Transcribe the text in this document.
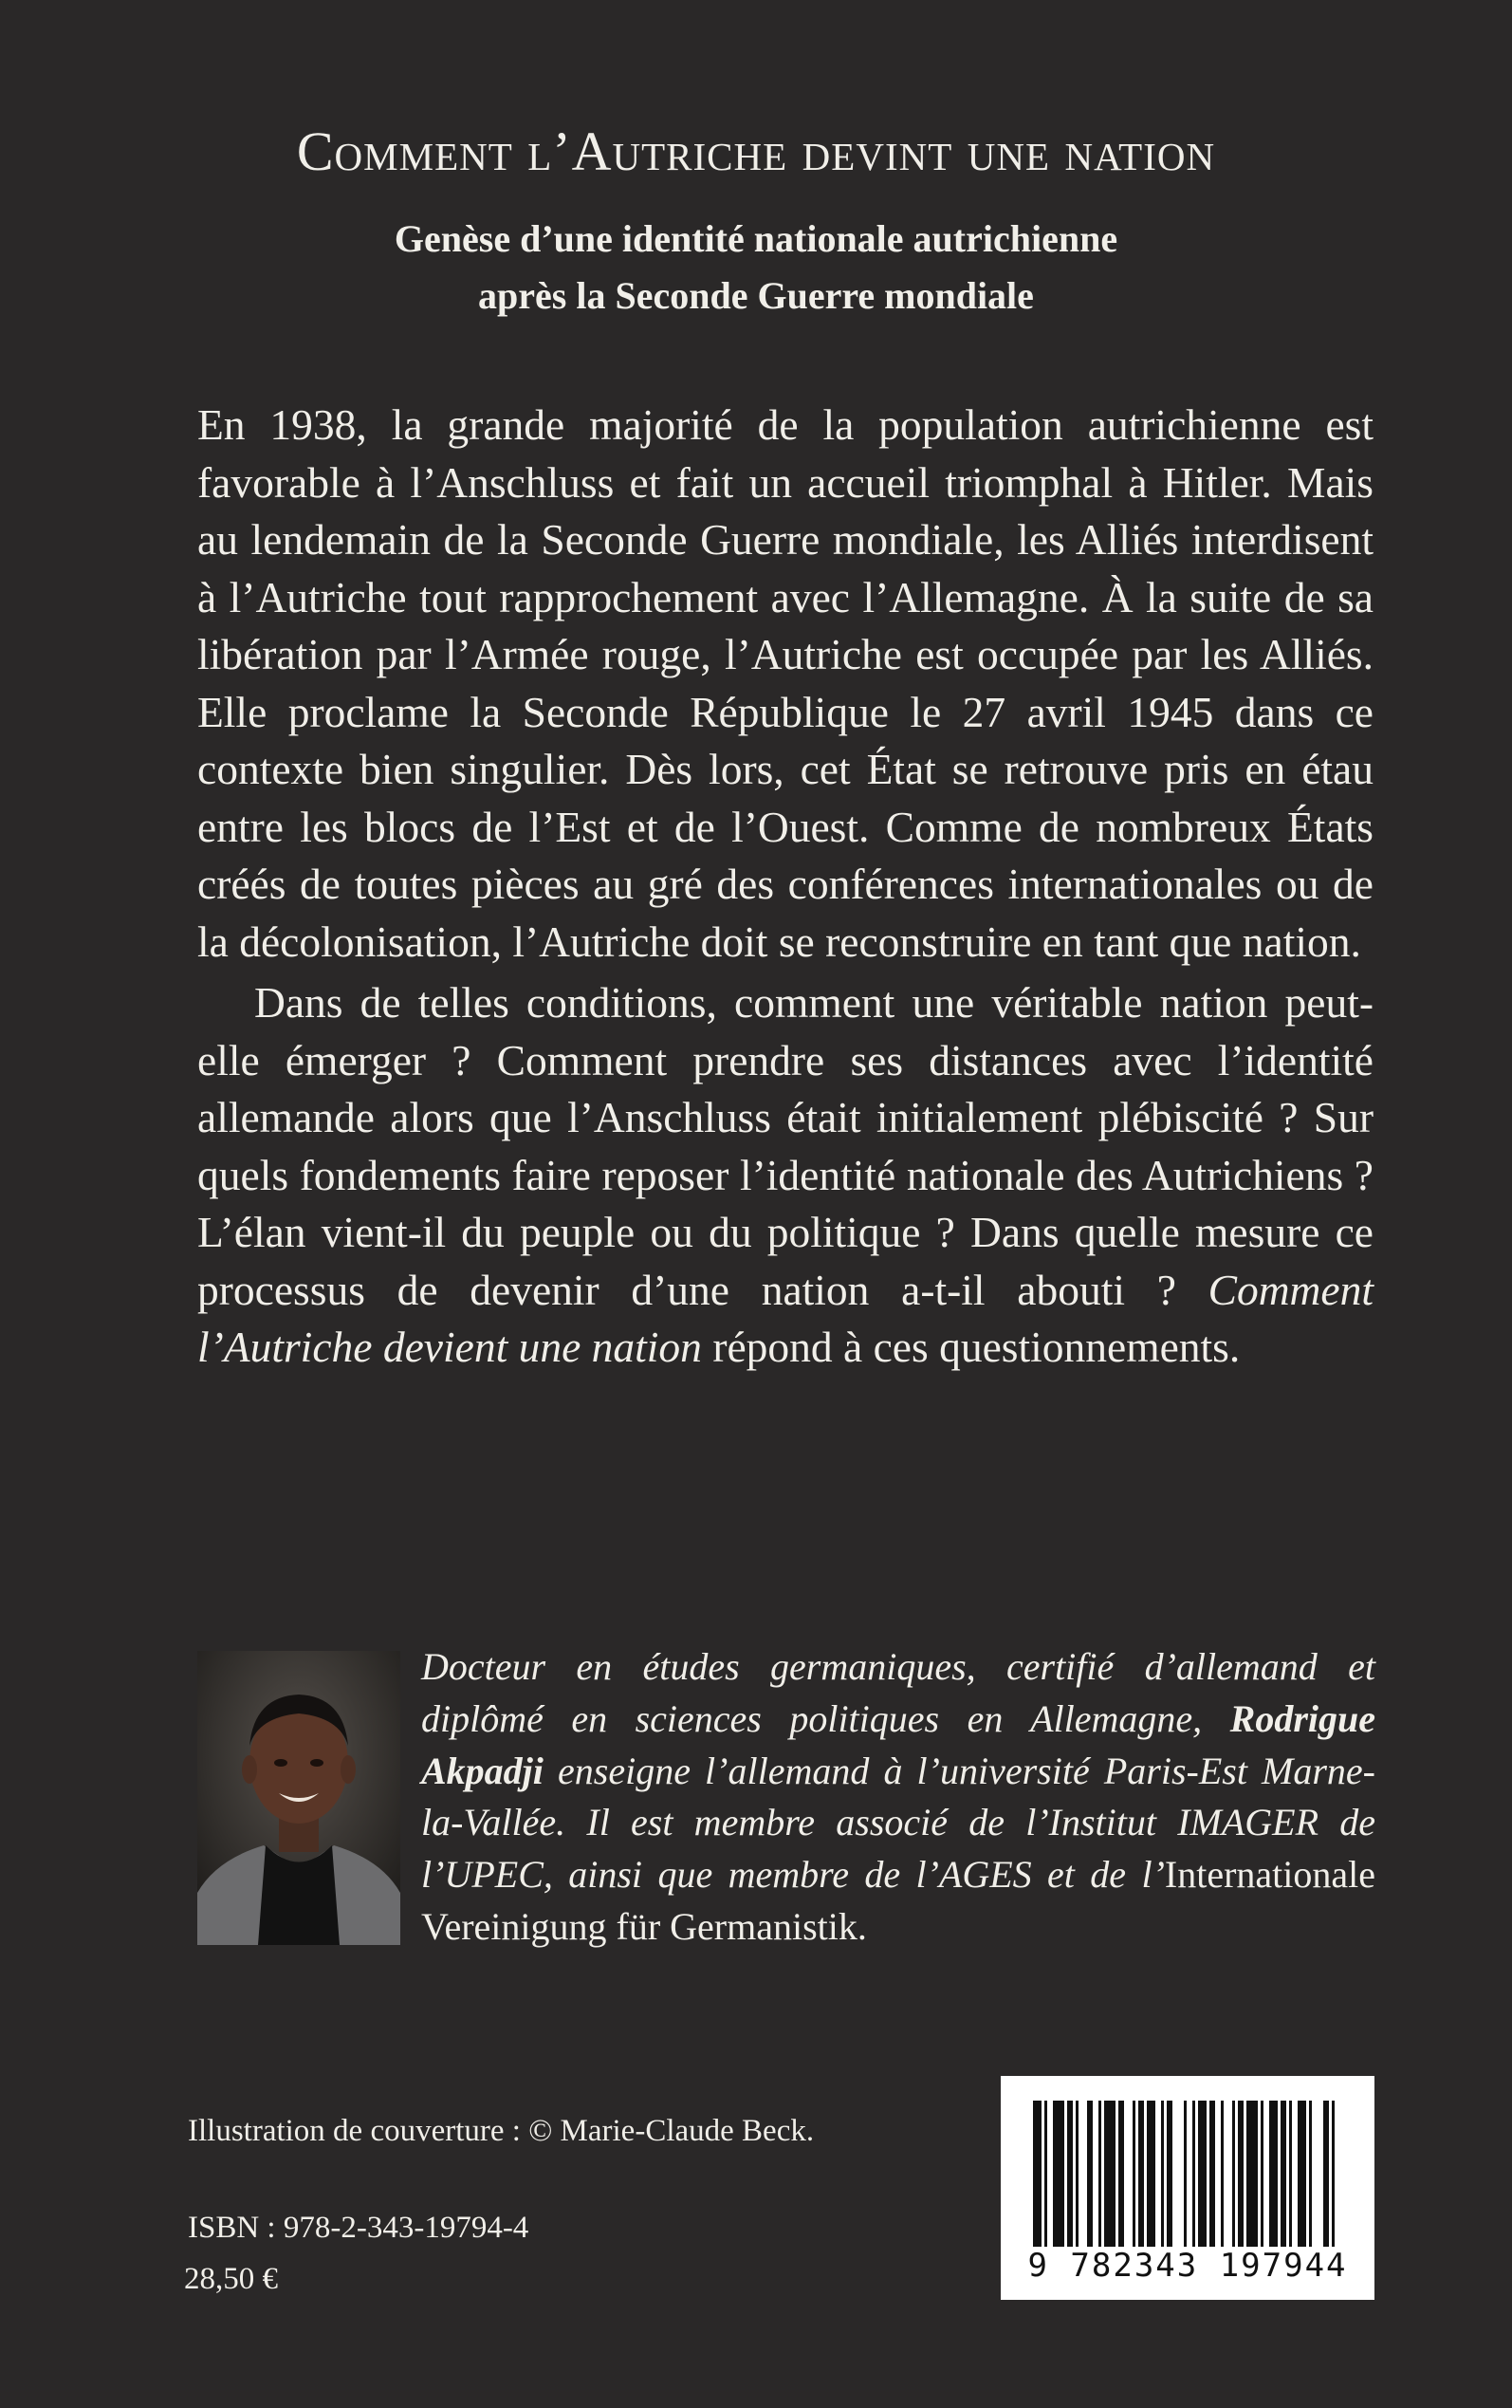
Comment l’Autriche devint une nation
Genèse d’une identité nationale autrichienne
après la Seconde Guerre mondiale

En 1938, la grande majorité de la population autrichienne est favorable à l’Anschluss et fait un accueil triomphal à Hitler. Mais au lendemain de la Seconde Guerre mondiale, les Alliés interdisent à l’Autriche tout rapprochement avec l’Allemagne. À la suite de sa libération par l’Armée rouge, l’Autriche est occupée par les Alliés. Elle proclame la Seconde République le 27 avril 1945 dans ce contexte bien singulier. Dès lors, cet État se retrouve pris en étau entre les blocs de l’Est et de l’Ouest. Comme de nombreux États créés de toutes pièces au gré des conférences internationales ou de la décolonisation, l’Autriche doit se reconstruire en tant que nation.

Dans de telles conditions, comment une véritable nation peut-elle émerger ? Comment prendre ses distances avec l’identité allemande alors que l’Anschluss était initialement plébiscité ? Sur quels fondements faire reposer l’identité nationale des Autrichiens ? L’élan vient-il du peuple ou du politique ? Dans quelle mesure ce processus de devenir d’une nation a-t-il abouti ? Comment l’Autriche devient une nation répond à ces questionnements.

Docteur en études germaniques, certifié d’allemand et diplômé en sciences politiques en Allemagne, Rodrigue Akpadji enseigne l’allemand à l’université Paris-Est Marne-la-Vallée. Il est membre associé de l’Institut IMAGER de l’UPEC, ainsi que membre de l’AGES et de l’Internationale Vereinigung für Germanistik.
Illustration de couverture : © Marie-Claude Beck.
ISBN : 978-2-343-19794-4
28,50 €	9 782343 197944
